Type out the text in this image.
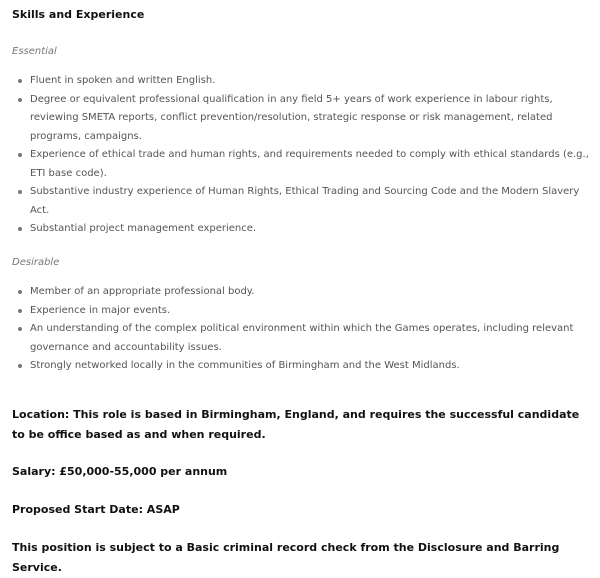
Skills and Experience
Essential
Fluent in spoken and written English.
Degree or equivalent professional qualification in any field 5+ years of work experience in labour rights, reviewing SMETA reports, conflict prevention/resolution, strategic response or risk management, related programs, campaigns.
Experience of ethical trade and human rights, and requirements needed to comply with ethical standards (e.g., ETI base code).
Substantive industry experience of Human Rights, Ethical Trading and Sourcing Code and the Modern Slavery Act.
Substantial project management experience.
Desirable
Member of an appropriate professional body.
Experience in major events.
An understanding of the complex political environment within which the Games operates, including relevant governance and accountability issues.
Strongly networked locally in the communities of Birmingham and the West Midlands.
Location: This role is based in Birmingham, England, and requires the successful candidate to be office based as and when required.
Salary: £50,000-55,000 per annum
Proposed Start Date: ASAP
This position is subject to a Basic criminal record check from the Disclosure and Barring Service.
